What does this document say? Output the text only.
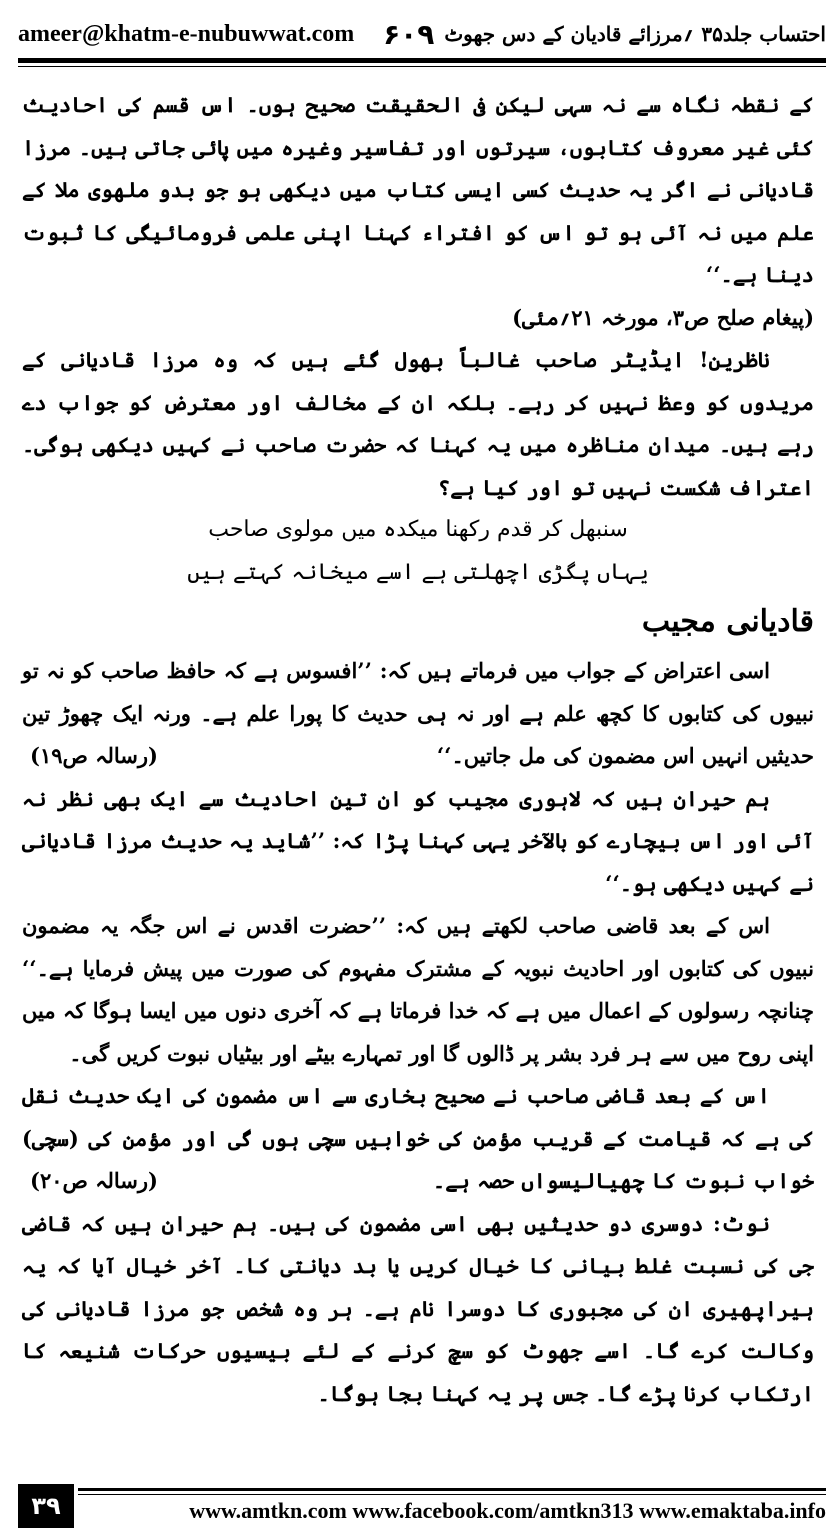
ameer@khatm-e-nubuwwat.com	احتساب جلد۳۵ ؍مرزائے قادیان کے دس جھوٹ
۶۰۹

کے نقطہ نگاہ سے نہ سہی لیکن فی الحقیقت صحیح ہوں۔ اس قسم کی احادیث کئی غیر معروف کتابوں، سیرتوں اور تفاسیر وغیرہ میں پائی جاتی ہیں۔ مرزا قادیانی نے اگر یہ حدیث کسی ایسی کتاب میں دیکھی ہو جو بدو ملھوی ملا کے علم میں نہ آئی ہو تو اس کو افتراء کہنا اپنی علمی فرومائیگی کا ثبوت دینا ہے۔‘‘

(پیغام صلح ص۳، مورخہ ۲۱؍مئی)

ناظرین! ایڈیٹر صاحب غالباً بھول گئے ہیں کہ وہ مرزا قادیانی کے مریدوں کو وعظ نہیں کر رہے۔ بلکہ ان کے مخالف اور معترض کو جواب دے رہے ہیں۔ میدان مناظرہ میں یہ کہنا کہ حضرت صاحب نے کہیں دیکھی ہوگی۔ اعتراف شکست نہیں تو اور کیا ہے؟

سنبھل کر قدم رکھنا میکدہ میں مولوی صاحب

یہاں پگڑی اچھلتی ہے اسے میخانہ کہتے ہیں

قادیانی مجیب

اسی اعتراض کے جواب میں فرماتے ہیں کہ: ’’افسوس ہے کہ حافظ صاحب کو نہ تو نبیوں کی کتابوں کا کچھ علم ہے اور نہ ہی حدیث کا پورا علم ہے۔ ورنہ ایک چھوڑ تین حدیثیں انہیں اس مضمون کی مل جاتیں۔‘‘
(رسالہ ص۱۹)

ہم حیران ہیں کہ لاہوری مجیب کو ان تین احادیث سے ایک بھی نظر نہ آئی اور اس بیچارے کو بالآخر یہی کہنا پڑا کہ: ’’شاید یہ حدیث مرزا قادیانی نے کہیں دیکھی ہو۔‘‘

اس کے بعد قاضی صاحب لکھتے ہیں کہ: ’’حضرت اقدس نے اس جگہ یہ مضمون نبیوں کی کتابوں اور احادیث نبویہ کے مشترک مفہوم کی صورت میں پیش فرمایا ہے۔‘‘ چنانچہ رسولوں کے اعمال میں ہے کہ خدا فرماتا ہے کہ آخری دنوں میں ایسا ہوگا کہ میں اپنی روح میں سے ہر فرد بشر پر ڈالوں گا اور تمہارے بیٹے اور بیٹیاں نبوت کریں گی۔

اس کے بعد قاضی صاحب نے صحیح بخاری سے اس مضمون کی ایک حدیث نقل کی ہے کہ قیامت کے قریب مؤمن کی خوابیں سچی ہوں گی اور مؤمن کی (سچی) خواب نبوت کا چھیالیسواں حصہ ہے۔
(رسالہ ص۲۰)

نوٹ: دوسری دو حدیثیں بھی اسی مضمون کی ہیں۔ ہم حیران ہیں کہ قاضی جی کی نسبت غلط بیانی کا خیال کریں یا بد دیانتی کا۔ آخر خیال آیا کہ یہ ہیراپھیری ان کی مجبوری کا دوسرا نام ہے۔ ہر وہ شخص جو مرزا قادیانی کی وکالت کرے گا۔ اسے جھوٹ کو سچ کرنے کے لئے بیسیوں حرکات شنیعہ کا ارتکاب کرنا پڑے گا۔ جس پر یہ کہنا بجا ہوگا۔

۳۹	www.amtkn.com www.facebook.com/amtkn313 www.emaktaba.info
